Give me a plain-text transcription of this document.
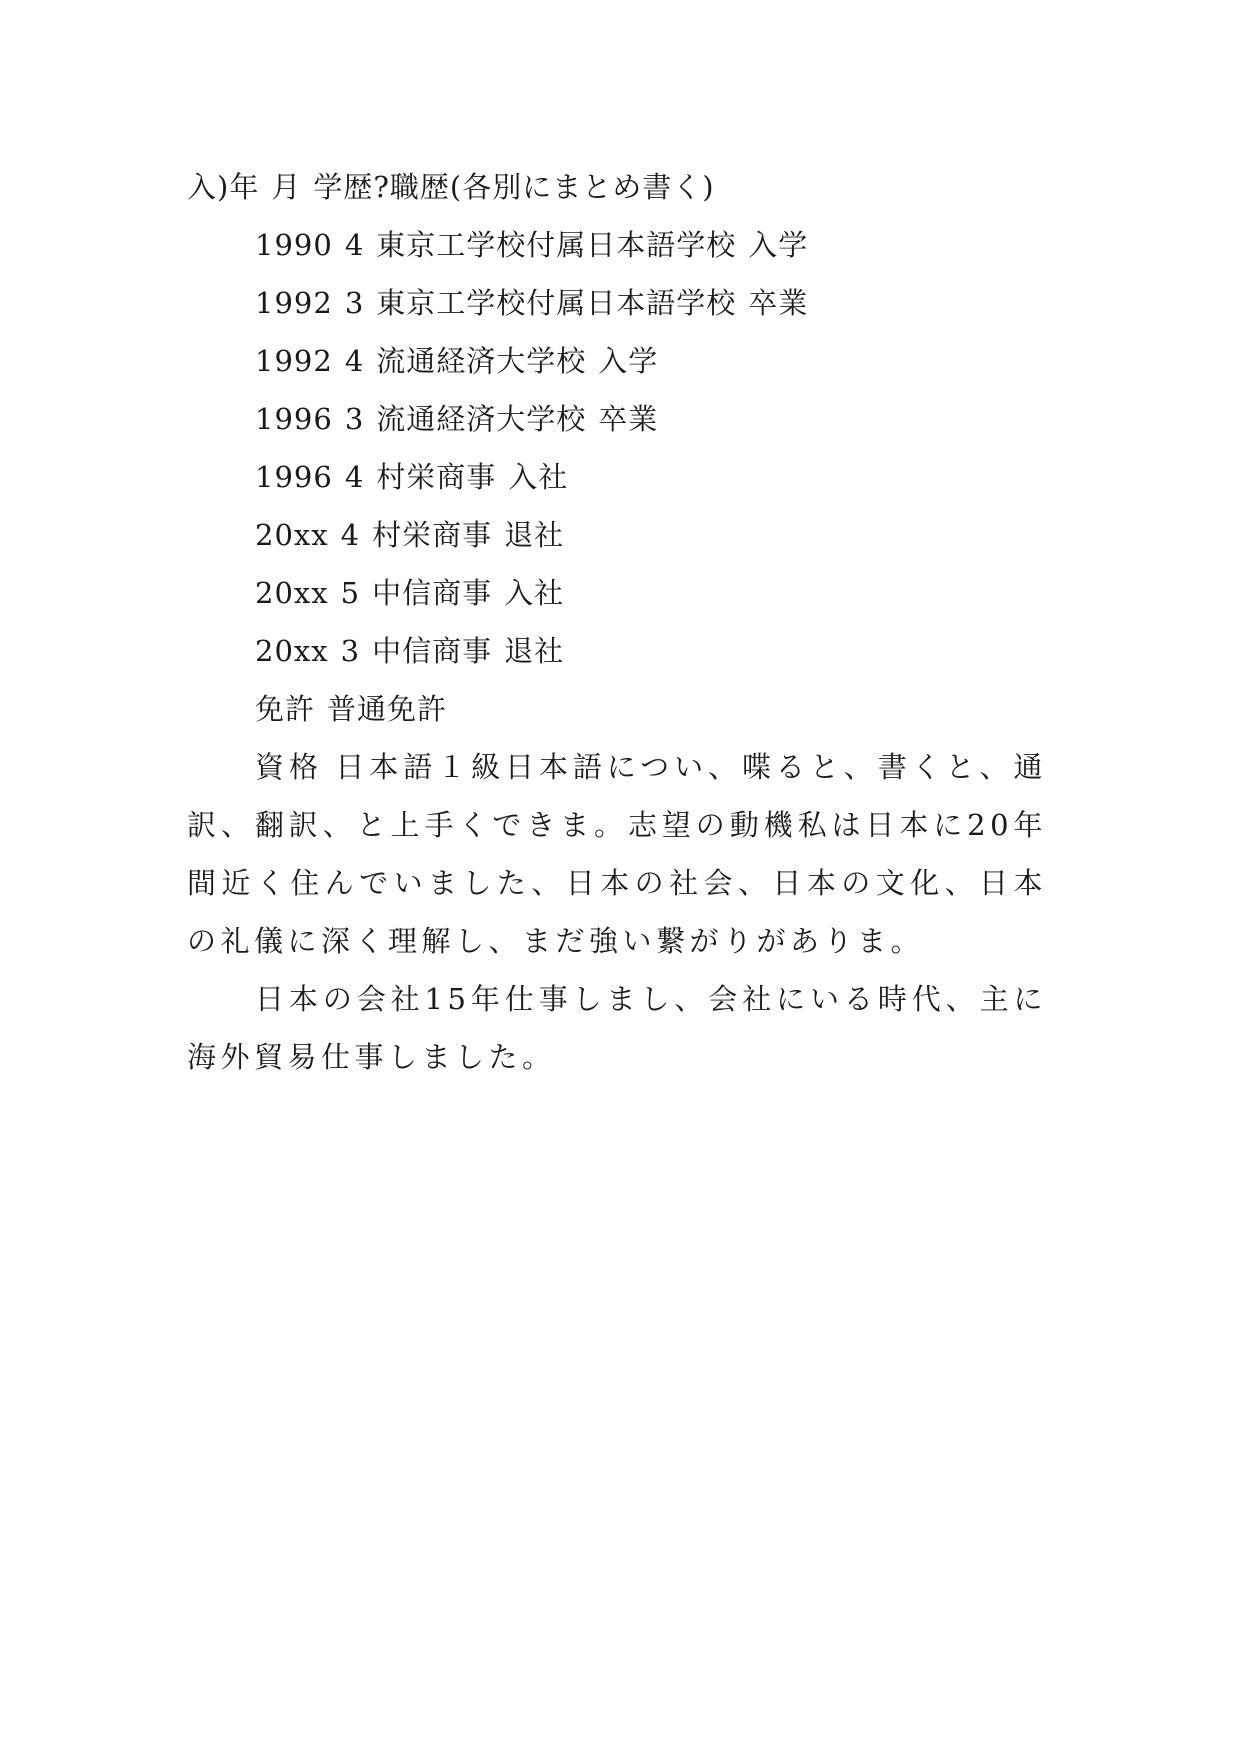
入)年 月 学歴?職歴(各別にまとめ書く)
1990 4 東京工学校付属日本語学校 入学
1992 3 東京工学校付属日本語学校 卒業
1992 4 流通経済大学校 入学
1996 3 流通経済大学校 卒業
1996 4 村栄商事 入社
20xx 4 村栄商事 退社
20xx 5 中信商事 入社
20xx 3 中信商事 退社
免許 普通免許

資格 日本語１級日本語につい、喋ると、書くと、通訳、翻訳、と上手くできま。志望の動機私は日本に20年間近く住んでいました、日本の社会、日本の文化、日本の礼儀に深く理解し、まだ強い繋がりがありま。

日本の会社15年仕事しまし、会社にいる時代、主に海外貿易仕事しました。
